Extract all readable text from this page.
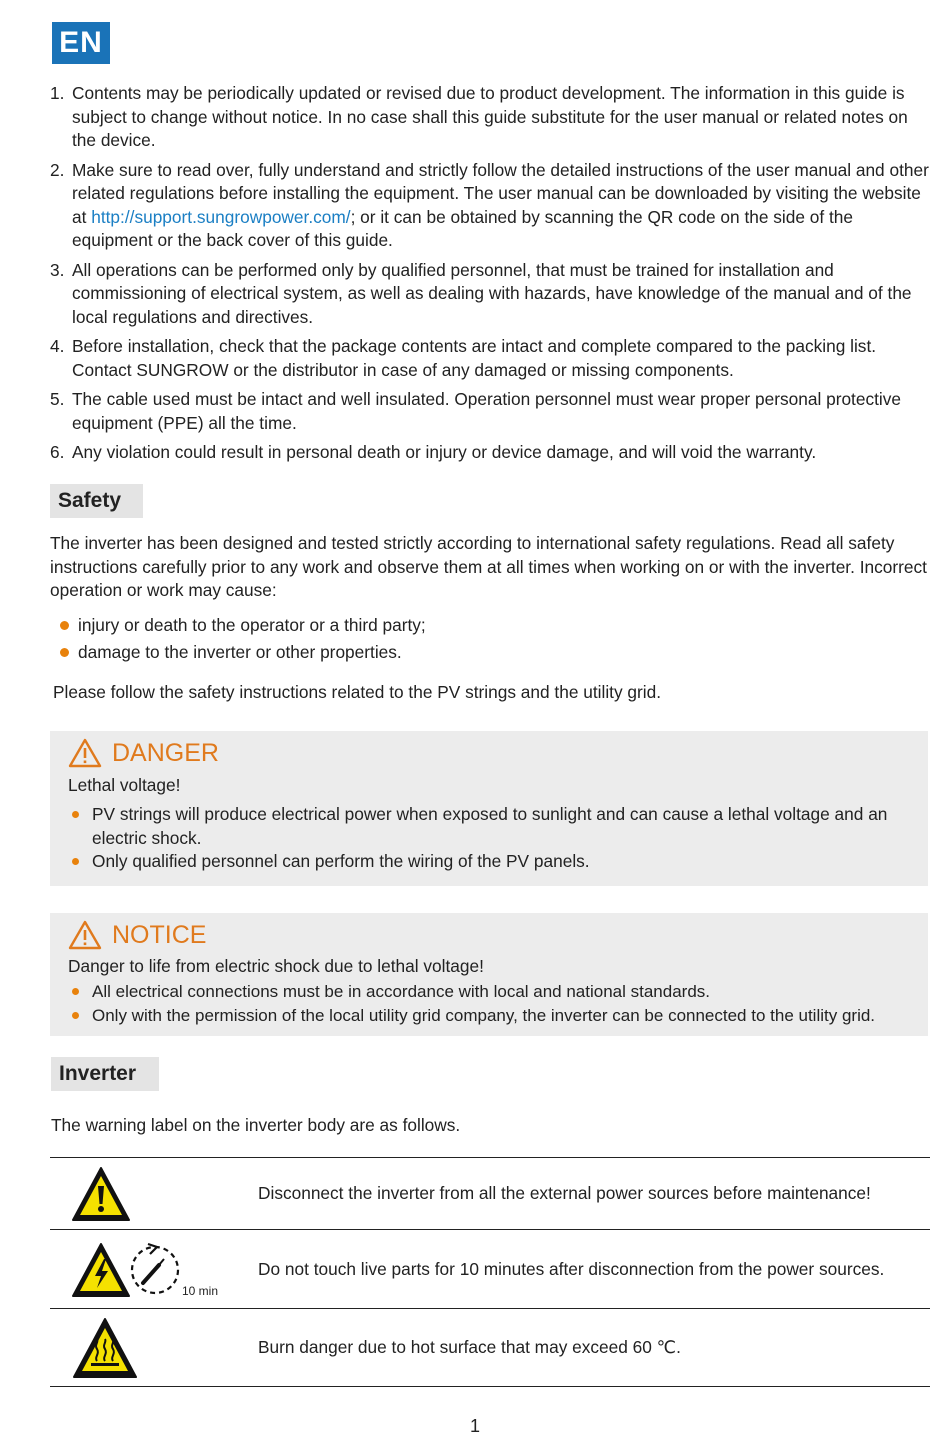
EN
1. Contents may be periodically updated or revised due to product development. The information in this guide is subject to change without notice. In no case shall this guide substitute for the user manual or related notes on the device.
2. Make sure to read over, fully understand and strictly follow the detailed instructions of the user manual and other related regulations before installing the equipment. The user manual can be downloaded by visiting the website at http://support.sungrowpower.com/; or it can be obtained by scanning the QR code on the side of the equipment or the back cover of this guide.
3. All operations can be performed only by qualified personnel, that must be trained for installation and commissioning of electrical system, as well as dealing with hazards, have knowledge of the manual and of the local regulations and directives.
4. Before installation, check that the package contents are intact and complete compared to the packing list. Contact SUNGROW or the distributor in case of any damaged or missing components.
5. The cable used must be intact and well insulated. Operation personnel must wear proper personal protective equipment (PPE) all the time.
6. Any violation could result in personal death or injury or device damage, and will void the warranty.
Safety
The inverter has been designed and tested strictly according to international safety regulations. Read all safety instructions carefully prior to any work and observe them at all times when working on or with the inverter. Incorrect operation or work may cause:
injury or death to the operator or a third party;
damage to the inverter or other properties.
Please follow the safety instructions related to the PV strings and the utility grid.
DANGER
Lethal voltage!
PV strings will produce electrical power when exposed to sunlight and can cause a lethal voltage and an electric shock.
Only qualified personnel can perform the wiring of the PV panels.
NOTICE
Danger to life from electric shock due to lethal voltage!
All electrical connections must be in accordance with local and national standards.
Only with the permission of the local utility grid company, the inverter can be connected to the utility grid.
Inverter
The warning label on the inverter body are as follows.
	Disconnect the inverter from all the external power sources before maintenance!

10 min	Do not touch live parts for 10 minutes after disconnection from the power sources.

	Burn danger due to hot surface that may exceed 60 ℃.
1
